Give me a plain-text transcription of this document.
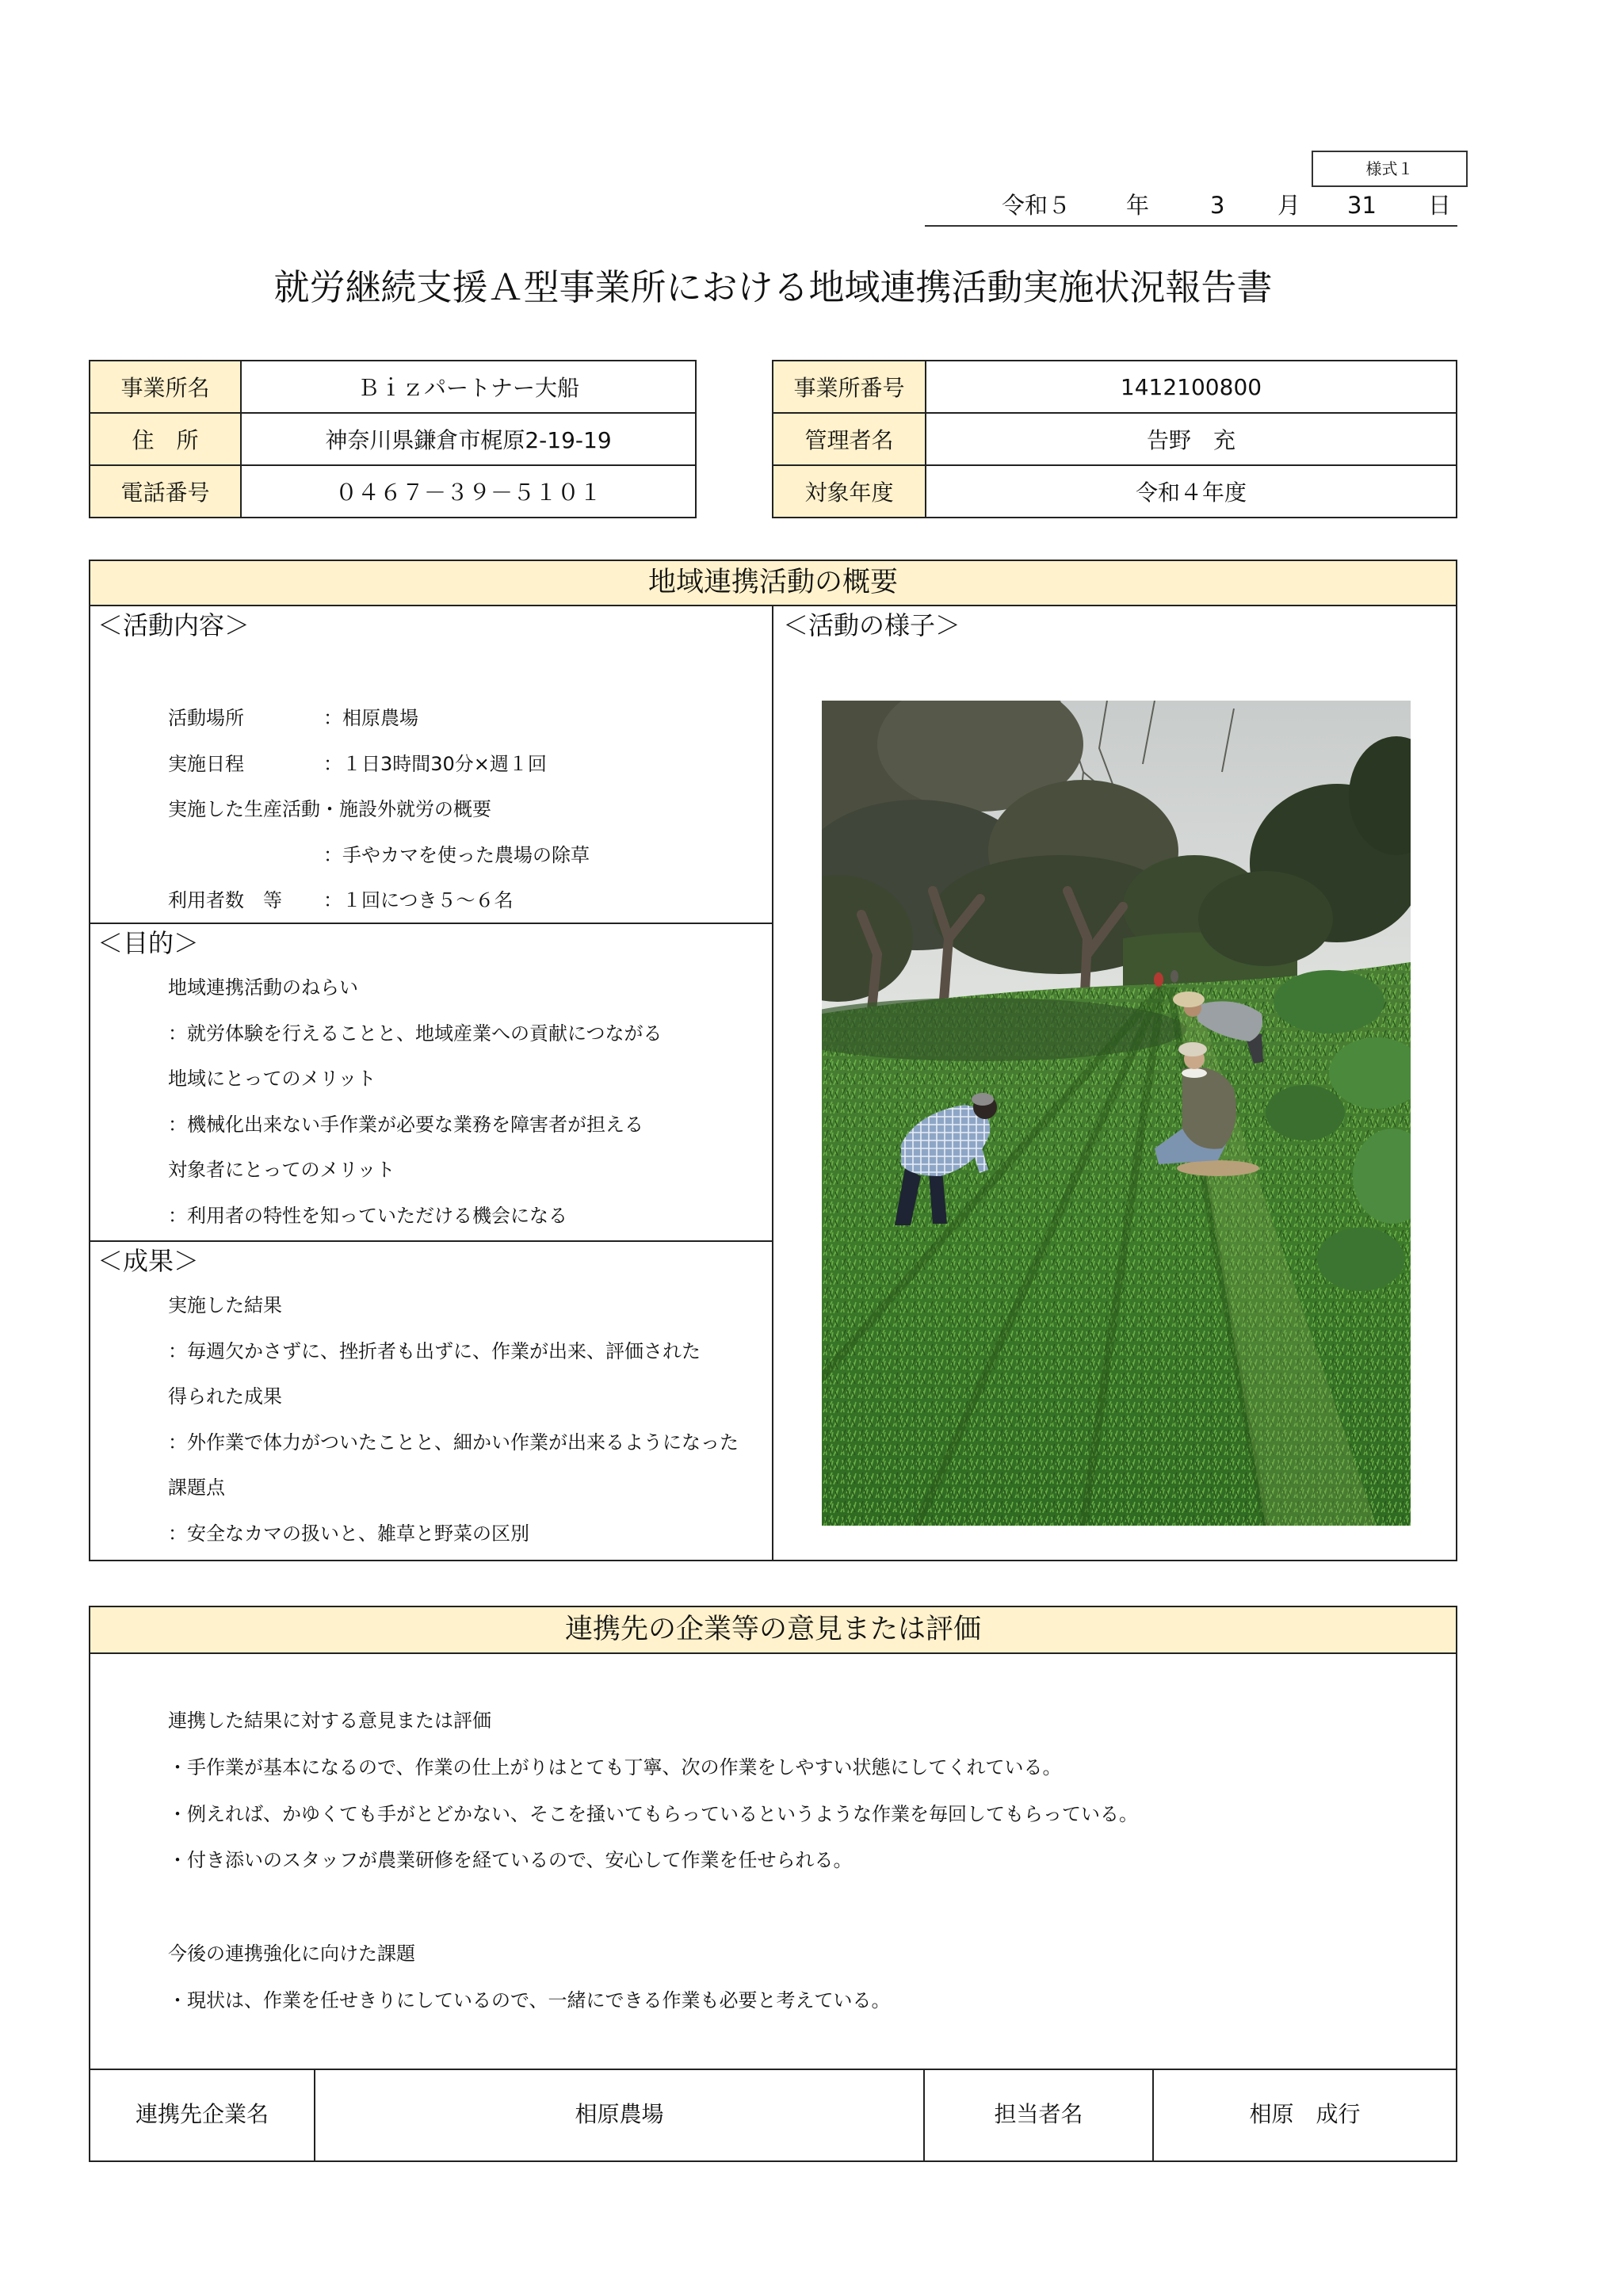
様式１
令和５ 年	3 月 31 日
就労継続支援Ａ型事業所における地域連携活動実施状況報告書
事業所名	Ｂｉｚパートナー大船
住　所	神奈川県鎌倉市梶原2-19-19
電話番号	０４６７－３９－５１０１
事業所番号	1412100800
管理者名	告野　充
対象年度	令和４年度
地域連携活動の概要
＜活動内容＞
活動場所	：相原農場
実施日程	：１日3時間30分×週１回
実施した生産活動・施設外就労の概要
：手やカマを使った農場の除草
利用者数　等 ：１回につき５～６名
＜目的＞
地域連携活動のねらい
：就労体験を行えることと、地域産業への貢献につながる
地域にとってのメリット
：機械化出来ない手作業が必要な業務を障害者が担える
対象者にとってのメリット
：利用者の特性を知っていただける機会になる
＜成果＞
実施した結果
：毎週欠かさずに、挫折者も出ずに、作業が出来、評価された
得られた成果
：外作業で体力がついたことと、細かい作業が出来るようになった
課題点
：安全なカマの扱いと、雑草と野菜の区別
＜活動の様子＞
連携先の企業等の意見または評価
連携した結果に対する意見または評価
・手作業が基本になるので、作業の仕上がりはとても丁寧、次の作業をしやすい状態にしてくれている。
・例えれば、かゆくても手がとどかない、そこを掻いてもらっているというような作業を毎回してもらっている。
・付き添いのスタッフが農業研修を経ているので、安心して作業を任せられる。
今後の連携強化に向けた課題
・現状は、作業を任せきりにしているので、一緒にできる作業も必要と考えている。
連携先企業名	相原農場	担当者名	相原　成行
